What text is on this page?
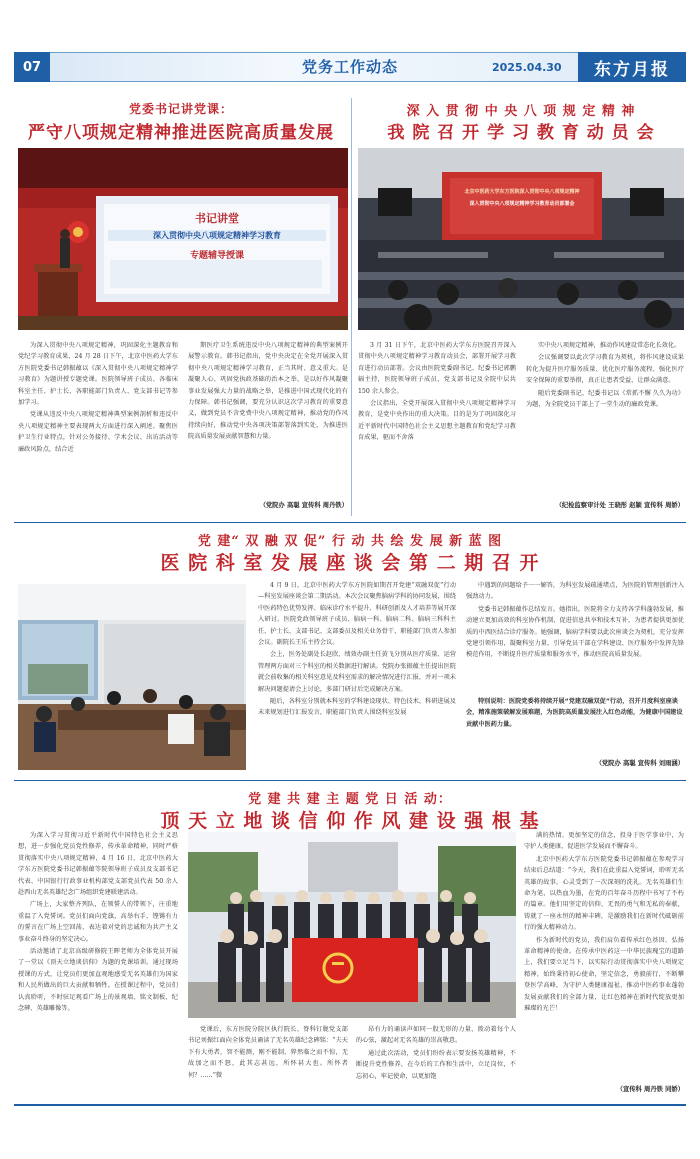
07	党务工作动态	2025.04.30	东方月报
党委书记讲党课：
严守八项规定精神推进医院高质量发展
书记讲堂
深入贯彻中央八项规定精神学习教育
专题辅导授课

为深入贯彻中央八项规定精神，巩固深化主题教育和党纪学习教育成果，24 月 28 日下午，北京中医药大学东方医院党委书记韩振蕴以《深入贯彻中央八项规定精神学习教育》为题讲授专题党课。医院领导班子成员、各临床科室主任、护士长、各职能部门负责人、党支部书记等参加学习。

党课从违反中央八项规定精神典型案例剖析和违反中央八项规定精神主要表现两大方面进行深入阐述。聚焦医护卫生行业特点，针对公务接待、学术会议、出访活动等廉政风险点，结合近

期医疗卫生系统违反中央八项规定精神的典型案例开展警示教育。韩书记指出，党中央决定在全党开展深入贯彻中央八项规定精神学习教育，正当其时、意义重大。是凝聚人心、巩固党执政基础的治本之举，是以好作风凝聚事业发展强大力量的战略之举，是推进中国式现代化的有力保障。韩书记强调，要充分认识这次学习教育的重要意义，做到党员不含党费中央八项规定精神，推动党的作风持续向好，推动党中央各项决策部署落到实处，为推进医院高质量发展贡献智慧和力量。

（党院办 高聪 宣传科 周丹铁）
深 入 贯 彻 中 央 八 项 规 定 精 神
我 院 召 开 学 习 教 育 动 员 会
北京中医药大学东方医院深入贯彻中央八项规定精神
深入贯彻中央八项规定精神学习教育动员部署会

3 月 31 日下午，北京中医药大学东方医院召开深入贯彻中央八项规定精神学习教育动员会，部署开展学习教育进行动员部署。会议由医院党委副书记、纪委书记郭鹏辐主持，医院领导班子成员、党支部书记及全院中层共 150 余人参会。

会议指出，全党开展深入贯彻中央八项规定精神学习教育，是党中央作出的重大决策。目的是为了巩固深化习近平新时代中国特色社会主义思想主题教育和党纪学习教育成果，驱而不舍落

实中央八项规定精神，推动作风建设常态化长效化。

会议强调要以此次学习教育为契机，将作风建设成果转化为提升医疗服务质量、优化医疗服务流程、强化医疗安全保障的重要举措，真正让患者受益、让群众满意。

随后党委副书记、纪委书记以《常抓不懈 久久为功》为题，为全院党员干部上了一堂生动的廉政党课。

（纪检监察审计处 王晓彤 赵颖 宣传科 周娇）
党 建“ 双 融 双 促” 行 动 共 绘 发 展 新 蓝 图
医 院 科 室 发 展 座 谈 会 第 二 期 召 开

4 月 9 日，北京中医药大学东方医院如期召开党建“双融双促”行动—科室发展座谈会第二期活动。本次会议聚焦脑病学科的协同发展，围绕中医药特色优势发挥、临床诊疗水平提升、科研创新及人才培养等展开深入研讨。医院党政领导班子成员、脑病一科、脑病二科、脑病三科科主任、护士长、支部书记、支部委员及相关业务骨干、职能部门负责人参加会议。副院长王乐主持会议。

会上，医务处副处长赵欣、绩效办副主任黄飞分别从医疗质量、运营管理两方面对三个科室的相关数据进行解读。党院办张振蕴主任提出医院就会前收集的相关科室意见及科室需求的解决情况进行汇报，并对一项未解决问题提请会上讨论，多部门研讨后完成解决方案。

随后，各科室分别就本科室的学科建设现状、特色技术、科研进展及未来规划进行汇报发言，职能部门负责人围绕科室发展

中遇到的问题给予一一解答，为科室发展疏通堵点，为医院的管理创新注入强劲动力。

党委书记韩振蕴作总结发言。她指出，医院将全力支持各学科蓬勃发展，推动建立更加高效的科室协作机制，促进信息共享和技术互补，为患者提供更加优质的中西医结合诊疗服务。她强调，脑病学科要以此次座谈会为契机，充分发挥党建引领作用，凝聚科室力量，引导党员干部在学科建设、医疗服务中发挥先锋模范作用，不断提升医疗质量和服务水平，推动医院高质量发展。

特别说明：医院党委将持续开展“党建双融双促”行动，召开月度科室座谈会，精准施策破解发展难题，为医院高质量发展注入红色动能，为健康中国建设贡献中医药力量。
（党院办 高聪 宣传科 刘雨涵）
党 建 共 建 主 题 党 日 活 动：
顶 天 立 地 谈 信 仰 作 风 建 设 强 根 基

为深入学习贯彻习近平新时代中国特色社会主义思想，进一步强化党员党性修养，传承革命精神，同时严格贯彻落实中央八项规定精神，4 月 16 日，北京中医药大学东方医院党委书记韩振蕴等院领导班子成员及支部书记代表、中国银行行政事业机构部党支部党员代表 50 余人赴西山无名英雄纪念广场组织党建联建活动。

广场上，大家整齐列队，在领誓人的带领下，庄重地重温了入党誓词。党员们面向党旗，高举右手，铿锵有力的誓言在广场上空回荡，表达着对党的忠诚和为共产主义事业奋斗终身的坚定决心。

活动邀请了北京高级研修院王晖老师为全体党员开展了一堂以《顶天立地谈信仰》为题的党课培训。通过现场授课的方式，让党员们更加直观地感受无名英雄们为国家和人民所做出的巨大贡献和牺牲。在授课过程中，党员们认真聆听，不时驻足观看广场上的景观墙、铭文制板、纪念碑、英雄雕像等。

党课后，东方医院分院区执行院长、脊科钉胧党支部书记刘振红面向全体党员诵读了无名英雄纪念碑铭：“夫天下有大勇者，智不能测，刚不能制，猝然临之而不惊，无故加之而不怒，此其志甚远，所怀甚大也。所怀者何？……”微

昂有力的诵读声如同一股无形的力量，拨动着每个人的心弦，激起对无名英雄的崇高敬意。

通过此次活动，党员们纷纷表示要发扬英雄精神，不断提升党性修养，在今后的工作和生活中，立足岗位，不忘初心，牢记使命，以更加饱

满的热情、更加坚定的信念，投身于医学事业中，为守护人类健康、促进医学发展而不懈奋斗。

北京中医药大学东方医院党委书记韩振蕴在参观学习结束后总结道：“今天，我们在此重温入党誓词，聆听无名英雄的故事，心灵受到了一次深刻的洗礼。无名英雄们生命为笔，以热血为墨，在党的百年奋斗历程中书写了不朽的篇章。他们用坚定的信仰、无畏的勇气和无私的奉献，铸就了一座永恒的精神丰碑，是激励我们在新时代砥砺前行的强大精神动力。

作为新时代的党员，我们肩负着传承红色基因、弘扬革命精神的使命。在传承中医药这一中华民族瑰宝的道路上，我们要立足当下，以实际行动贯彻落实中央八项规定精神，始终秉持初心使命，坚定信念，勇毅前行，不断攀登医学高峰，为守护人类健康福祉、推动中医药事业蓬勃发展贡献我们的全部力量，让红色精神在新时代绽放更加璀璨的光芒！

（宣传科 周丹铁 同娇）
